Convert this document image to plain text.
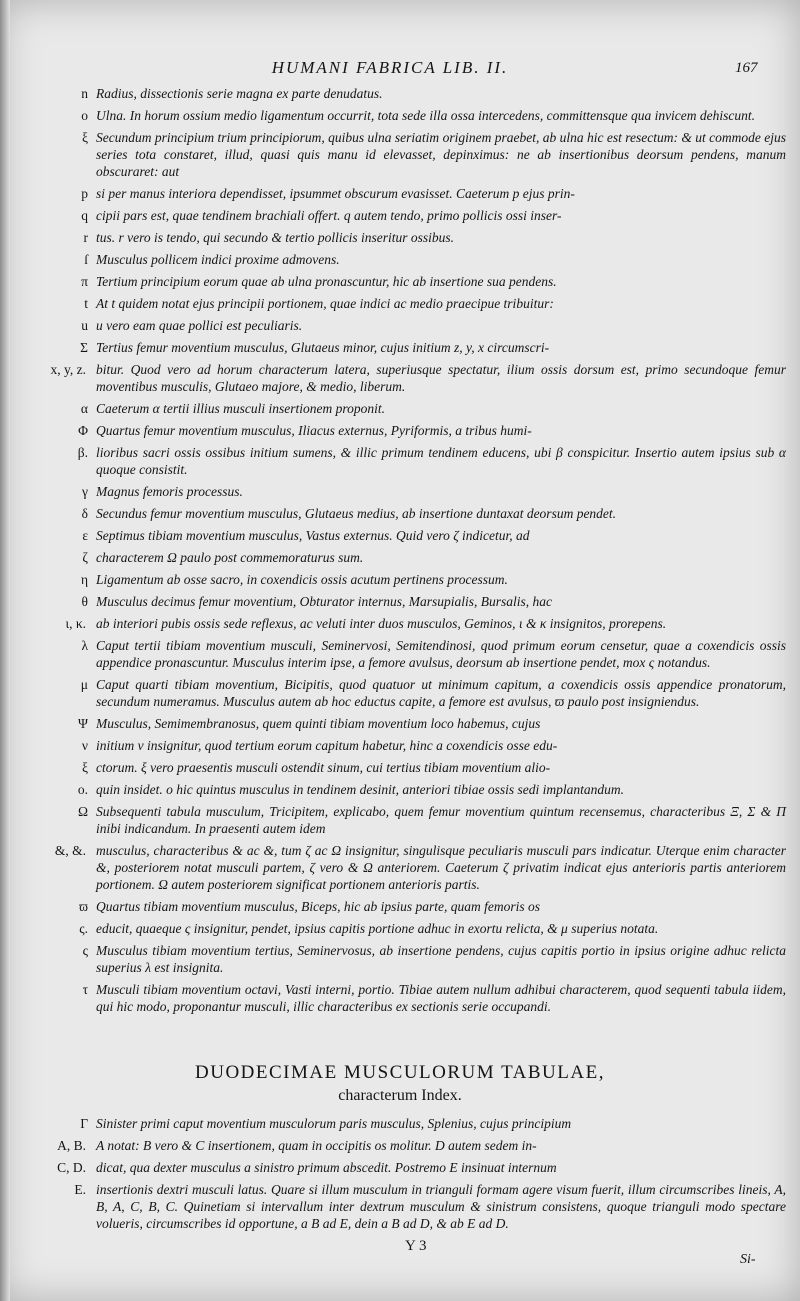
HUMANI FABRICA LIB. II.	167
n Radius, dissectionis serie magna ex parte denudatus.
o Ulna. In horum ossium medio ligamentum occurrit, tota sede illa ossa intercedens, committensque qua invicem dehiscunt.
ξ Secundum principium trium principiorum, quibus ulna seriatim originem praebet, ab ulna hic est resectum: & ut commode ejus series tota constaret, illud, quasi quis manu id elevasset, depinximus: ne ab insertionibus deorsum pendens, manum obscuraret: aut
p si per manus interiora dependisset, ipsummet obscurum evasisset. Caeterum p ejus prin-
q cipii pars est, quae tendinem brachiali offert. q autem tendo, primo pollicis ossi inser-
r tus. r vero is tendo, qui secundo & tertio pollicis inseritur ossibus.
ſ Musculus pollicem indici proxime admovens.
π Tertium principium eorum quae ab ulna pronascuntur, hic ab insertione sua pendens.
t At t quidem notat ejus principii portionem, quae indici ac medio praecipue tribuitur:
u u vero eam quae pollici est peculiaris.
Σ Tertius femur moventium musculus, Glutaeus minor, cujus initium z, y, x circumscri-
x, y, z. bitur. Quod vero ad horum characterum latera, superiusque spectatur, ilium ossis dorsum est, primo secundoque femur moventibus musculis, Glutaeo majore, & medio, liberum.
α Caeterum α tertii illius musculi insertionem proponit.
Φ Quartus femur moventium musculus, Iliacus externus, Pyriformis, a tribus humi-
β. lioribus sacri ossis ossibus initium sumens, & illic primum tendinem educens, ubi β conspicitur. Insertio autem ipsius sub α quoque consistit.
γ Magnus femoris processus.
δ Secundus femur moventium musculus, Glutaeus medius, ab insertione duntaxat deorsum pendet.
ε Septimus tibiam moventium musculus, Vastus externus. Quid vero ζ indicetur, ad
ζ characterem Ω paulo post commemoraturus sum.
η Ligamentum ab osse sacro, in coxendicis ossis acutum pertinens processum.
θ Musculus decimus femur moventium, Obturator internus, Marsupialis, Bursalis, hac
ι, κ. ab interiori pubis ossis sede reflexus, ac veluti inter duos musculos, Geminos, ι & κ insignitos, prorepens.
λ Caput tertii tibiam moventium musculi, Seminervosi, Semitendinosi, quod primum eorum censetur, quae a coxendicis ossis appendice pronascuntur. Musculus interim ipse, a femore avulsus, deorsum ab insertione pendet, mox ς notandus.
μ Caput quarti tibiam moventium, Bicipitis, quod quatuor ut minimum capitum, a coxendicis ossis appendice pronatorum, secundum numeramus. Musculus autem ab hoc eductus capite, a femore est avulsus, ϖ paulo post insigniendus.
Ψ Musculus, Semimembranosus, quem quinti tibiam moventium loco habemus, cujus
ν initium ν insignitur, quod tertium eorum capitum habetur, hinc a coxendicis osse edu-
ξ ctorum. ξ vero praesentis musculi ostendit sinum, cui tertius tibiam moventium alio-
ο. quin insidet. ο hic quintus musculus in tendinem desinit, anteriori tibiae ossis sedi implantandum.
Ω Subsequenti tabula musculum, Tricipitem, explicabo, quem femur moventium quintum recensemus, characteribus Ξ, Σ & Π inibi indicandum. In praesenti autem idem
&, &. musculus, characteribus & ac &, tum ζ ac Ω insignitur, singulisque peculiaris musculi pars indicatur. Uterque enim character &, posteriorem notat musculi partem, ζ vero & Ω anteriorem. Caeterum ζ privatim indicat ejus anterioris partis anteriorem portionem. Ω autem posteriorem significat portionem anterioris partis.
ϖ Quartus tibiam moventium musculus, Biceps, hic ab ipsius parte, quam femoris os
ς. educit, quaeque ς insignitur, pendet, ipsius capitis portione adhuc in exortu relicta, & μ superius notata.
ς Musculus tibiam moventium tertius, Seminervosus, ab insertione pendens, cujus capitis portio in ipsius origine adhuc relicta superius λ est insignita.
τ Musculi tibiam moventium octavi, Vasti interni, portio. Tibiae autem nullum adhibui characterem, quod sequenti tabula iidem, qui hic modo, proponantur musculi, illic characteribus ex sectionis serie occupandi.
DUODECIMAE MUSCULORUM TABULAE,
characterum Index.
Γ Sinister primi caput moventium musculorum paris musculus, Splenius, cujus principium
A, B. A notat: B vero & C insertionem, quam in occipitis os molitur. D autem sedem in-
C, D. dicat, qua dexter musculus a sinistro primum abscedit. Postremo E insinuat internum
E. insertionis dextri musculi latus. Quare si illum musculum in trianguli formam agere visum fuerit, illum circumscribes lineis, A, B, A, C, B, C. Quinetiam si intervallum inter dextrum musculum & sinistrum consistens, quoque trianguli modo spectare volueris, circumscribes id opportune, a B ad E, dein a B ad D, & ab E ad D.
Y 3
Si-
